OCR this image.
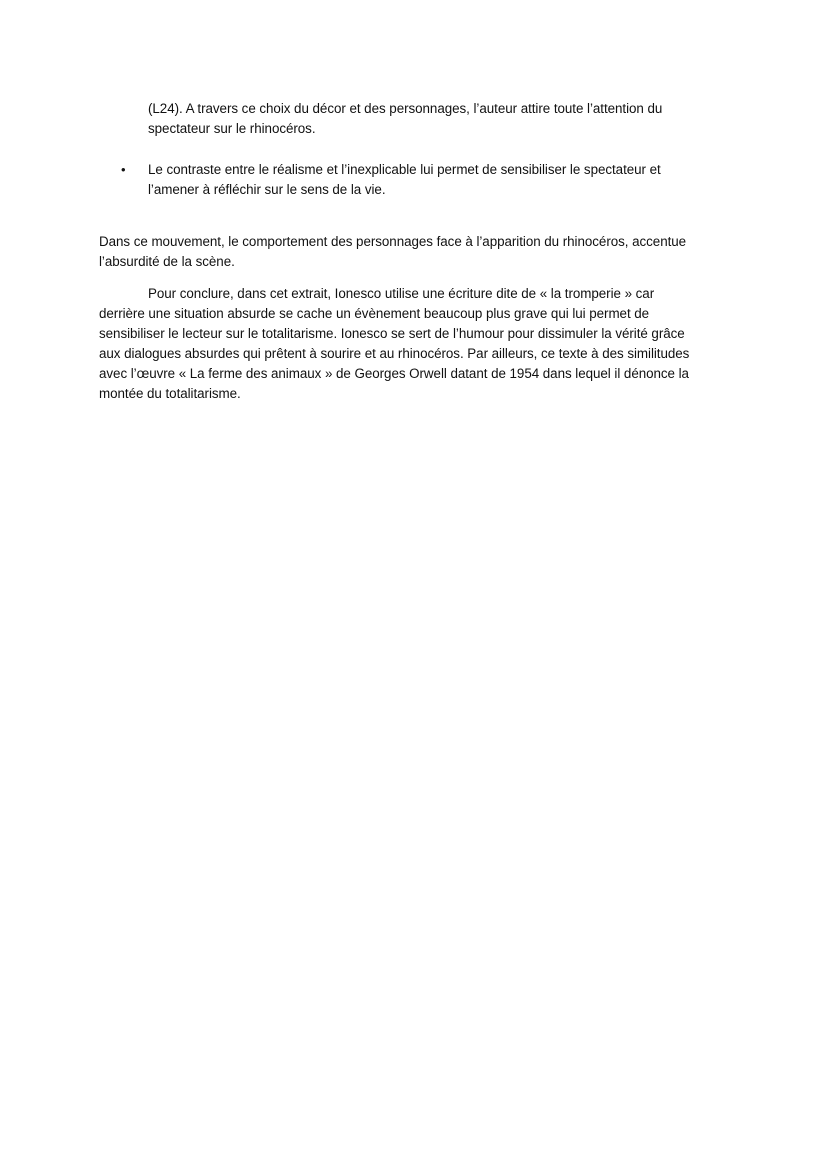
(L24). A travers ce choix du décor et des personnages, l’auteur attire toute l’attention du
spectateur sur le rhinocéros.
• Le contraste entre le réalisme et l’inexplicable lui permet de sensibiliser le spectateur et
l’amener à réfléchir sur le sens de la vie.
Dans ce mouvement, le comportement des personnages face à l’apparition du rhinocéros, accentue
l’absurdité de la scène.
Pour conclure, dans cet extrait, Ionesco utilise une écriture dite de « la tromperie » car
derrière une situation absurde se cache un évènement beaucoup plus grave qui lui permet de
sensibiliser le lecteur sur le totalitarisme. Ionesco se sert de l’humour pour dissimuler la vérité grâce
aux dialogues absurdes qui prêtent à sourire et au rhinocéros. Par ailleurs, ce texte à des similitudes
avec l’œuvre « La ferme des animaux » de Georges Orwell datant de 1954 dans lequel il dénonce la
montée du totalitarisme.
